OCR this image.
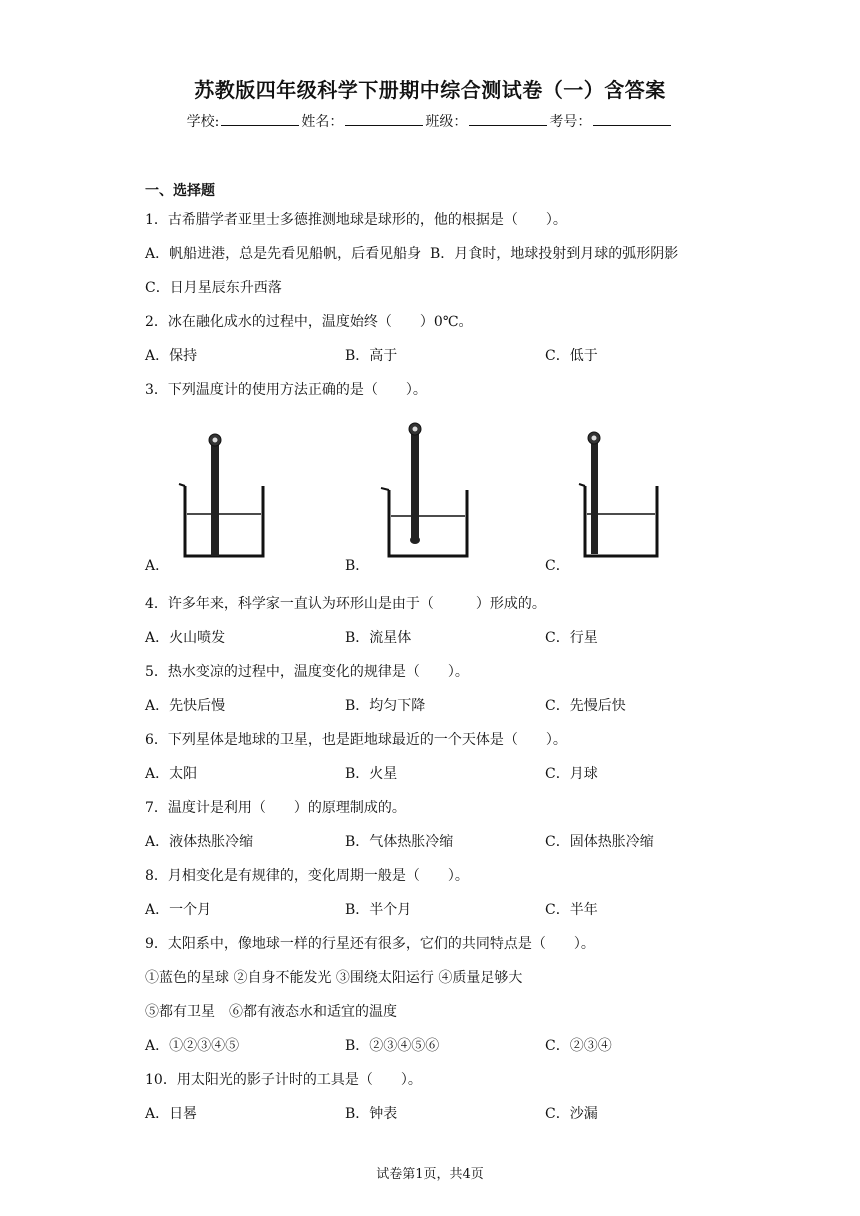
苏教版四年级科学下册期中综合测试卷（一）含答案
学校:	姓名：	班级：	考号：
一、选择题
1．古希腊学者亚里士多德推测地球是球形的，他的根据是（　　）。
A．帆船进港，总是先看见船帆，后看见船身 B．月食时，地球投射到月球的弧形阴影
C．日月星辰东升西落
2．冰在融化成水的过程中，温度始终（　　）0℃。
A．保持	B．高于	C．低于
3．下列温度计的使用方法正确的是（　　）。
A．	B．	C．
4．许多年来，科学家一直认为环形山是由于（　　　）形成的。
A．火山喷发	B．流星体	C．行星
5．热水变凉的过程中，温度变化的规律是（　　）。
A．先快后慢	B．均匀下降	C．先慢后快
6．下列星体是地球的卫星，也是距地球最近的一个天体是（　　）。
A．太阳	B．火星	C．月球
7．温度计是利用（　　）的原理制成的。
A．液体热胀冷缩	B．气体热胀冷缩	C．固体热胀冷缩
8．月相变化是有规律的，变化周期一般是（　　）。
A．一个月	B．半个月	C．半年
9．太阳系中，像地球一样的行星还有很多，它们的共同特点是（　　）。
①蓝色的星球 ②自身不能发光 ③围绕太阳运行 ④质量足够大
⑤都有卫星　⑥都有液态水和适宜的温度
A．①②③④⑤	B．②③④⑤⑥	C．②③④
10．用太阳光的影子计时的工具是（　　）。
A．日晷	B．钟表	C．沙漏
试卷第1页，共4页
